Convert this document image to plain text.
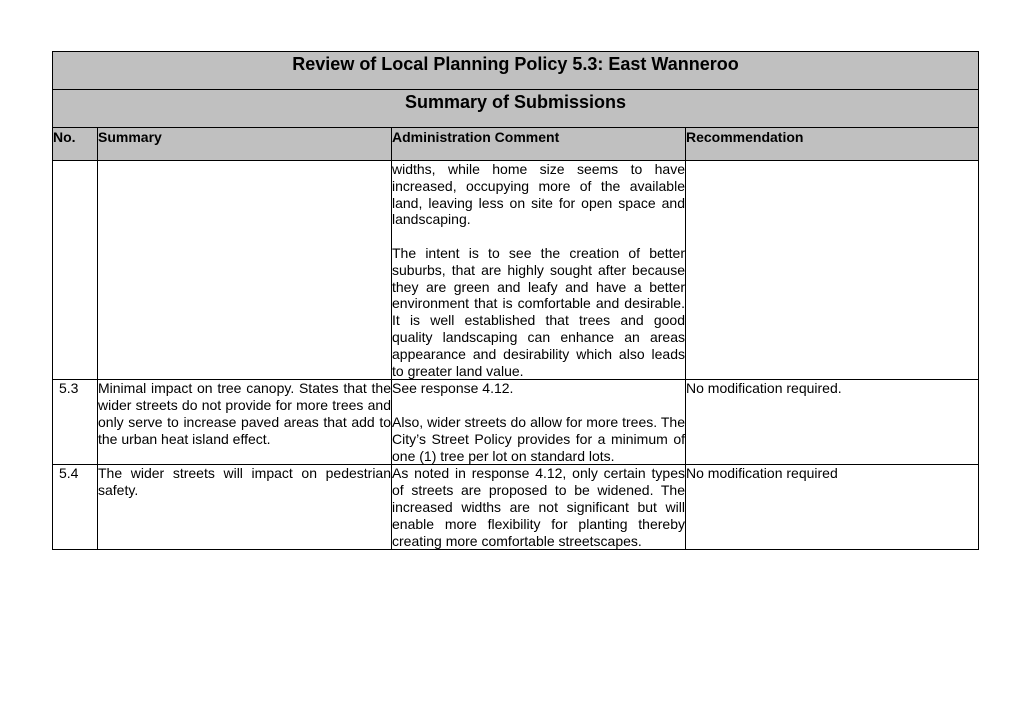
Review of Local Planning Policy 5.3: East Wanneroo			
Summary of Submissions			
No.	Summary	Administration Comment	Recommendation

		widths, while home size seems to have increased, occupying more of the available land, leaving less on site for open space and landscaping.

The intent is to see the creation of better suburbs, that are highly sought after because they are green and leafy and have a better environment that is comfortable and desirable. It is well established that trees and good quality landscaping can enhance an areas appearance and desirability which also leads to greater land value.	

5.3	Minimal impact on tree canopy. States that the wider streets do not provide for more trees and only serve to increase paved areas that add to the urban heat island effect.	See response 4.12.

Also, wider streets do allow for more trees. The City’s Street Policy provides for a minimum of one (1) tree per lot on standard lots.	No modification required.
5.4	The wider streets will impact on pedestrian safety.	As noted in response 4.12, only certain types of streets are proposed to be widened. The increased widths are not significant but will enable more flexibility for planting thereby creating more comfortable streetscapes.	No modification required
